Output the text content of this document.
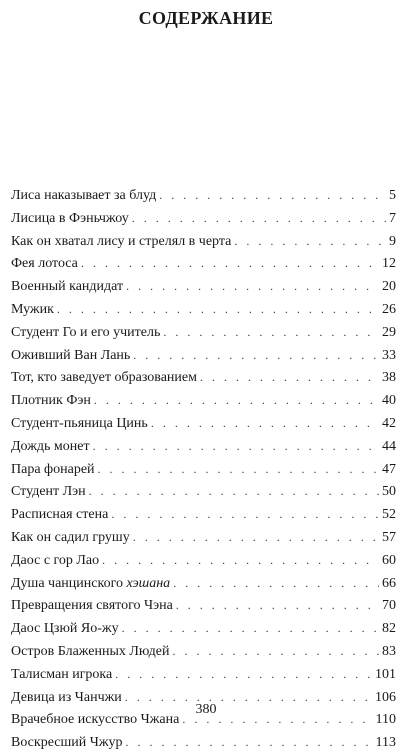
СОДЕРЖАНИЕ
Лиса наказывает за блуд . . .	5
Лисица в Фэньчжоу . . .	7
Как он хватал лису и стрелял в черта . . .	9
Фея лотоса . . .	12
Военный кандидат . . .	20
Мужик . . .	26
Студент Го и его учитель . . .	29
Оживший Ван Лань . . .	33
Тот, кто заведует образованием . . .	38
Плотник Фэн . . .	40
Студент-пьяница Цинь . . .	42
Дождь монет . . .	44
Пара фонарей . . .	47
Студент Лэн . . .	50
Расписная стена . . .	52
Как он садил грушу . . .	57
Даос с гор Лао . . .	60
Душа чанцинского хэшана . . .	66
Превращения святого Чэна . . .	70
Даос Цзюй Яо-жу . . .	82
Остров Блаженных Людей . . .	83
Талисман игрока . . .	101
Девица из Чанчжи . . .	106
Врачебное искусство Чжана . . .	110
Воскресший Чжур . . .	113
380
